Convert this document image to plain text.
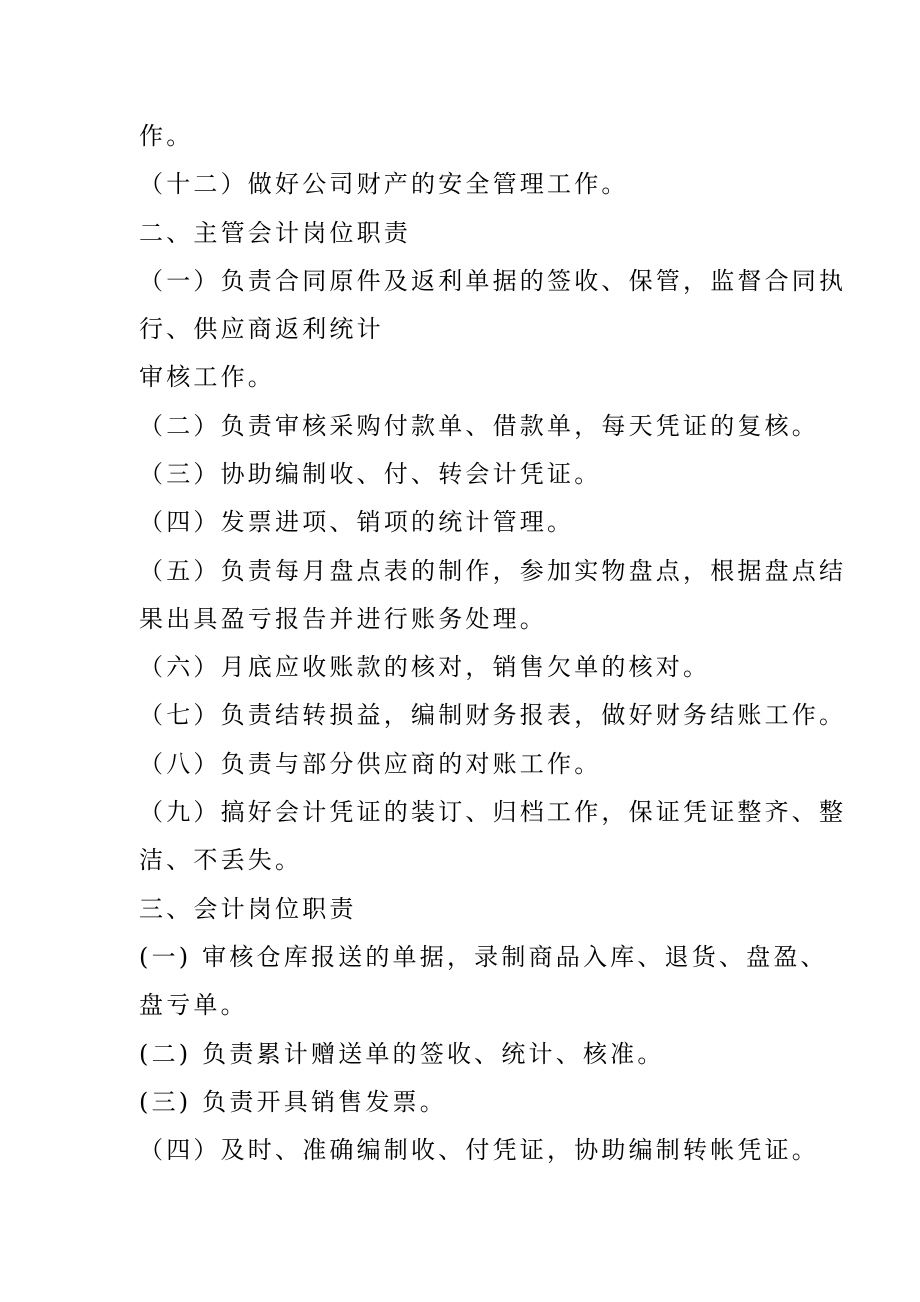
作。
（十二）做好公司财产的安全管理工作。
二、主管会计岗位职责
（一）负责合同原件及返利单据的签收、保管，监督合同执
行、供应商返利统计
审核工作。
（二）负责审核采购付款单、借款单，每天凭证的复核。
（三）协助编制收、付、转会计凭证。
（四）发票进项、销项的统计管理。
（五）负责每月盘点表的制作，参加实物盘点，根据盘点结
果出具盈亏报告并进行账务处理。
（六）月底应收账款的核对，销售欠单的核对。
（七）负责结转损益，编制财务报表，做好财务结账工作。
（八）负责与部分供应商的对账工作。
（九）搞好会计凭证的装订、归档工作，保证凭证整齐、整
洁、不丢失。
三、会计岗位职责
(一) 审核仓库报送的单据，录制商品入库、退货、盘盈、
盘亏单。
(二) 负责累计赠送单的签收、统计、核准。
(三) 负责开具销售发票。
（四）及时、准确编制收、付凭证，协助编制转帐凭证。
